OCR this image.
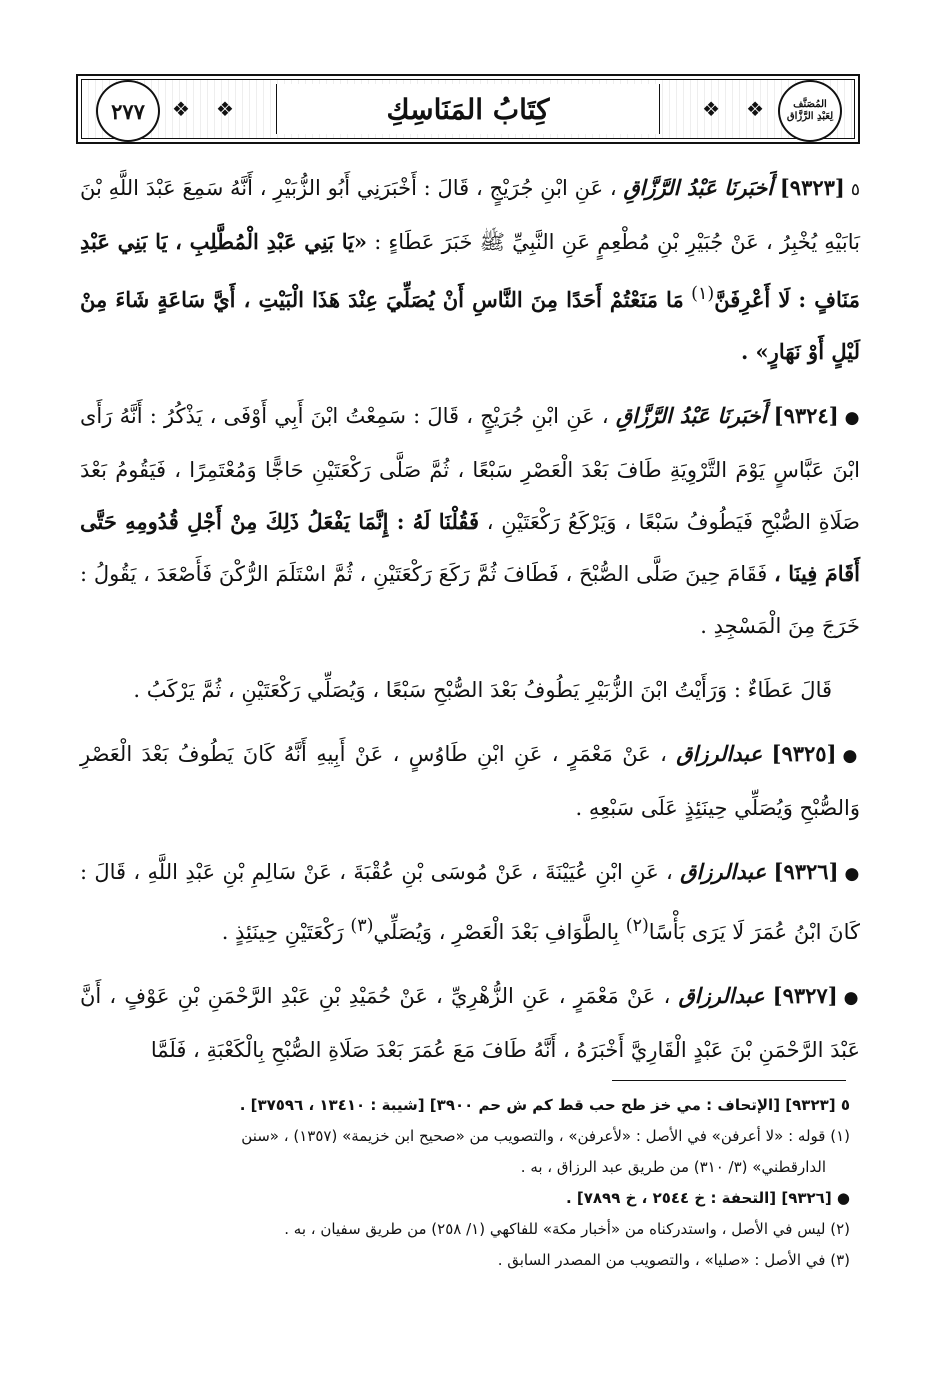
❖ ❖	❖
❖
كِتَابُ المَنَاسِكِ
٢٧٧	المُصَنَّف
لِعَبْدِ الرَّزَّاق

٥[٩٣٢٣] أَخبَرنَا عَبْدُ الرَّزَّاقِ ، عَنِ ابْنِ جُرَيْجٍ ، قَالَ : أَخْبَرَنِي أَبُو الزُّبَيْرِ ، أَنَّهُ سَمِعَ عَبْدَ اللَّهِ بْنَ بَابَيْهِ يُخْبِرُ ، عَنْ جُبَيْرِ بْنِ مُطْعِمٍ عَنِ النَّبِيِّ ﷺ خَبَرَ عَطَاءٍ : «يَا بَنِي عَبْدِ الْمُطَّلِبِ ، يَا بَنِي عَبْدِ مَنَافٍ : لَا أَعْرِفَنَّ$^{(١)}$ مَا مَنَعْتُمْ أَحَدًا مِنَ النَّاسِ أَنْ يُصَلِّيَ عِنْدَ هَذَا الْبَيْتِ ، أَيَّ سَاعَةٍ شَاءَ مِنْ لَيْلٍ أَوْ نَهَارٍ» .

●[٩٣٢٤] أَخبَرنَا عَبْدُ الرَّزَّاقِ ، عَنِ ابْنِ جُرَيْجٍ ، قَالَ : سَمِعْتُ ابْنَ أَبِي أَوْفَى ، يَذْكُرُ : أَنَّهُ رَأَى ابْنَ عَبَّاسٍ يَوْمَ التَّرْوِيَةِ طَافَ بَعْدَ الْعَصْرِ سَبْعًا ، ثُمَّ صَلَّى رَكْعَتَيْنِ حَاجًّا وَمُعْتَمِرًا ، فَيَقُومُ بَعْدَ صَلَاةِ الصُّبْحِ فَيَطُوفُ سَبْعًا ، وَيَرْكَعُ رَكْعَتَيْنِ ، فَقُلْنَا لَهُ : إِنَّمَا يَفْعَلُ ذَلِكَ مِنْ أَجْلِ قُدُومِهِ حَتَّى أَقَامَ فِينَا ، فَقَامَ حِينَ صَلَّى الصُّبْحَ ، فَطَافَ ثُمَّ رَكَعَ رَكْعَتَيْنِ ، ثُمَّ اسْتَلَمَ الرُّكْنَ فَأَصْعَدَ ، يَقُولُ : خَرَجَ مِنَ الْمَسْجِدِ .

قَالَ عَطَاءٌ : وَرَأَيْتُ ابْنَ الزُّبَيْرِ يَطُوفُ بَعْدَ الصُّبْحِ سَبْعًا ، وَيُصَلِّي رَكْعَتَيْنِ ، ثُمَّ يَرْكَبُ .

●[٩٣٢٥] عبدالرزاق ، عَنْ مَعْمَرٍ ، عَنِ ابْنِ طَاوُسٍ ، عَنْ أَبِيهِ أَنَّهُ كَانَ يَطُوفُ بَعْدَ الْعَصْرِ وَالصُّبْحِ وَيُصَلِّي حِينَئِذٍ عَلَى سَبْعِهِ .

●[٩٣٢٦] عبدالرزاق ، عَنِ ابْنِ عُيَيْنَةَ ، عَنْ مُوسَى بْنِ عُقْبَةَ ، عَنْ سَالِمِ بْنِ عَبْدِ اللَّهِ ، قَالَ : كَانَ ابْنُ عُمَرَ لَا يَرَى بَأْسًا$^{(٢)}$ بِالطَّوَافِ بَعْدَ الْعَصْرِ ، وَيُصَلِّي$^{(٣)}$ رَكْعَتَيْنِ حِينَئِذٍ .

●[٩٣٢٧] عبدالرزاق ، عَنْ مَعْمَرٍ ، عَنِ الزُّهْرِيِّ ، عَنْ حُمَيْدِ بْنِ عَبْدِ الرَّحْمَنِ بْنِ عَوْفٍ ، أَنَّ عَبْدَ الرَّحْمَنِ بْنَ عَبْدٍ الْقَارِيَّ أَخْبَرَهُ ، أَنَّهُ طَافَ مَعَ عُمَرَ بَعْدَ صَلَاةِ الصُّبْحِ بِالْكَعْبَةِ ، فَلَمَّا

٥ [٩٣٢٣] [الإتحاف : مي خز طح حب قط كم ش حم ٣٩٠٠] [شيبة : ١٣٤١٠ ، ٣٧٥٩٦] .

(١) قوله : «لا أعرفن» في الأصل : «لأعرفن» ، والتصويب من «صحيح ابن خزيمة» (١٣٥٧) ، «سنن

الدارقطني» (٣/ ٣١٠) من طريق عبد الرزاق ، به .

● [٩٣٢٦] [التحفة : خ ٢٥٤٤ ، خ ٧٨٩٩] .

(٢) ليس في الأصل ، واستدركناه من «أخبار مكة» للفاكهي (١/ ٢٥٨) من طريق سفيان ، به .

(٣) في الأصل : «صليا» ، والتصويب من المصدر السابق .
